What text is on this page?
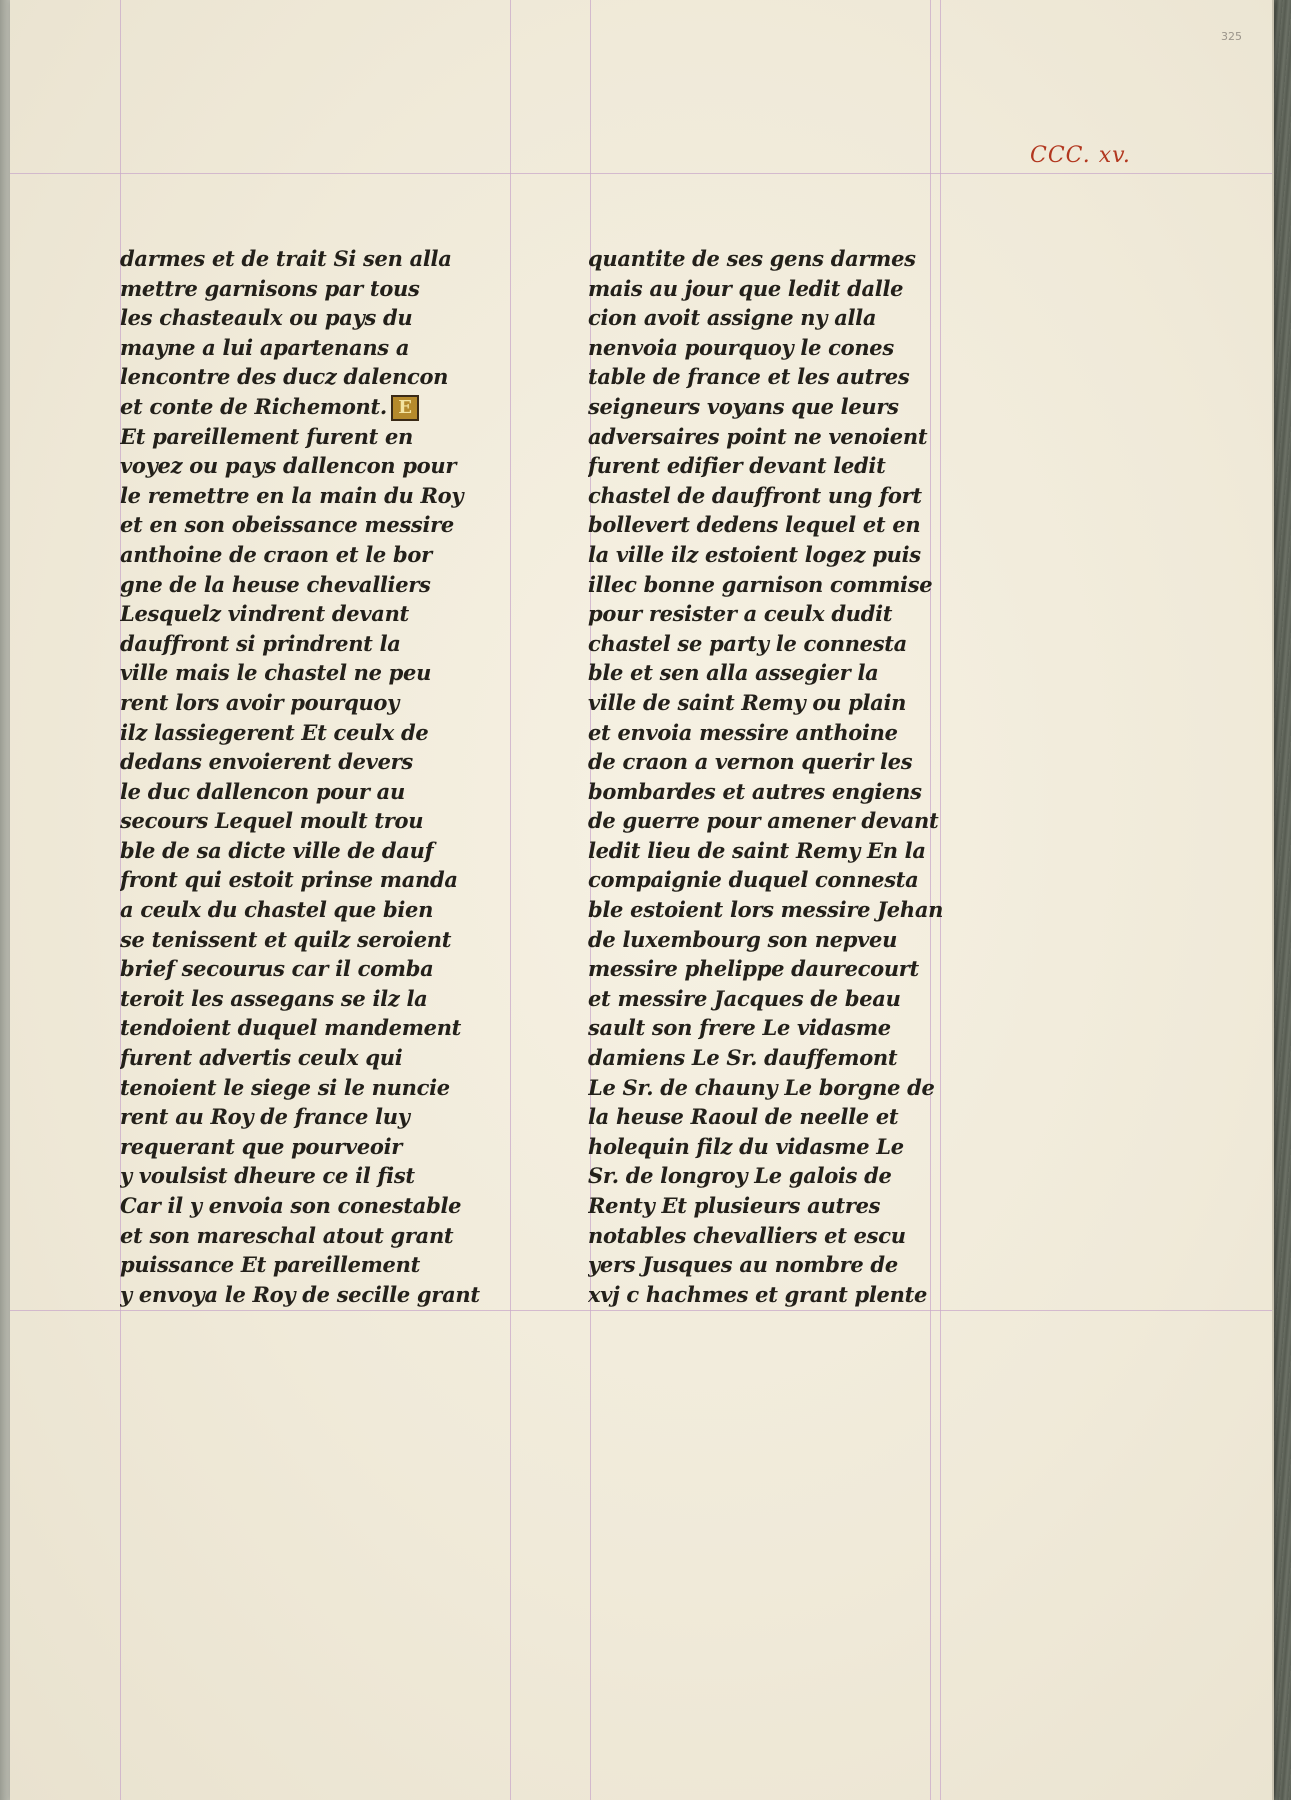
325
CCC. xv.
darmes et de trait Si sen alla
mettre garnisons par tous
les chasteaulx ou pays du
mayne a lui apartenans a
lencontre des ducz dalencon
et conte de Richemont. E
Et pareillement furent en
voyez ou pays dallencon pour
le remettre en la main du Roy
et en son obeissance messire
anthoine de craon et le bor
gne de la heuse chevalliers
Lesquelz vindrent devant
dauffront si prindrent la
ville mais le chastel ne peu
rent lors avoir pourquoy
ilz lassiegerent Et ceulx de
dedans envoierent devers
le duc dallencon pour au
secours Lequel moult trou
ble de sa dicte ville de dauf
front qui estoit prinse manda
a ceulx du chastel que bien
se tenissent et quilz seroient
brief secourus car il comba
teroit les assegans se ilz la
tendoient duquel mandement
furent advertis ceulx qui
tenoient le siege si le nuncie
rent au Roy de france luy
requerant que pourveoir
y voulsist dheure ce il fist
Car il y envoia son conestable
et son mareschal atout grant
puissance Et pareillement
y envoya le Roy de secille grant
quantite de ses gens darmes
mais au jour que ledit dalle
cion avoit assigne ny alla
nenvoia pourquoy le cones
table de france et les autres
seigneurs voyans que leurs
adversaires point ne venoient
furent edifier devant ledit
chastel de dauffront ung fort
bollevert dedens lequel et en
la ville ilz estoient logez puis
illec bonne garnison commise
pour resister a ceulx dudit
chastel se party le connesta
ble et sen alla assegier la
ville de saint Remy ou plain
et envoia messire anthoine
de craon a vernon querir les
bombardes et autres engiens
de guerre pour amener devant
ledit lieu de saint Remy En la
compaignie duquel connesta
ble estoient lors messire Jehan
de luxembourg son nepveu
messire phelippe daurecourt
et messire Jacques de beau
sault son frere Le vidasme
damiens Le Sr. dauffemont
Le Sr. de chauny Le borgne de
la heuse Raoul de neelle et
holequin filz du vidasme Le
Sr. de longroy Le galois de
Renty Et plusieurs autres
notables chevalliers et escu
yers Jusques au nombre de
xvj c hachmes et grant plente
